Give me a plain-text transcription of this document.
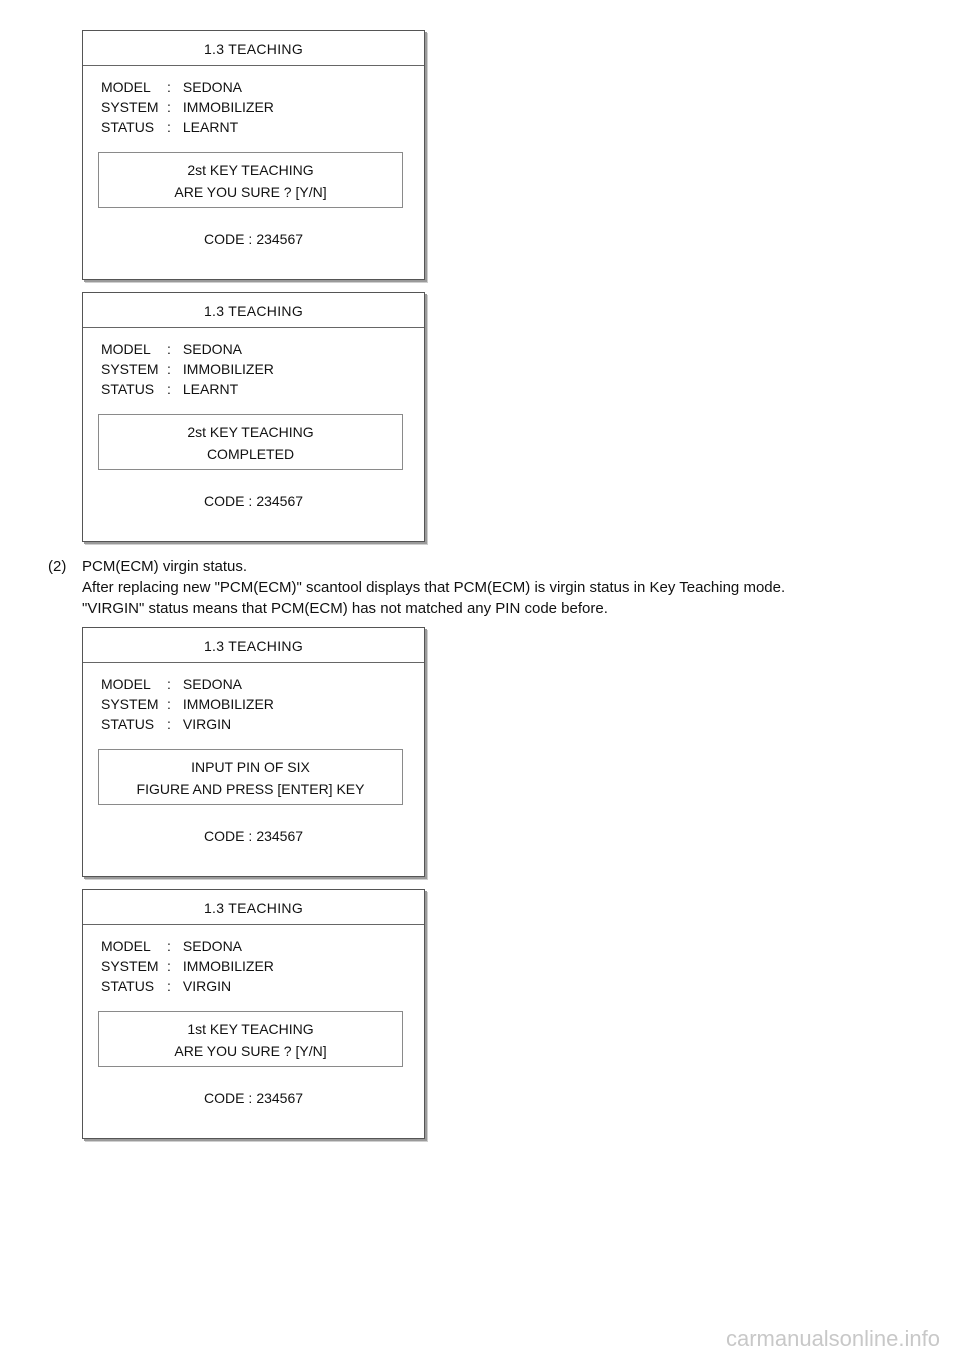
1.3 TEACHING
MODEL : SEDONA
SYSTEM : IMMOBILIZER
STATUS : LEARNT
2st KEY TEACHING
ARE YOU SURE ? [Y/N]
CODE : 234567
1.3 TEACHING
MODEL : SEDONA
SYSTEM : IMMOBILIZER
STATUS : LEARNT
2st KEY TEACHING
COMPLETED
CODE : 234567
(2) PCM(ECM) virgin status.
After replacing new "PCM(ECM)" scantool displays that PCM(ECM) is virgin status in Key Teaching mode.
"VIRGIN" status means that PCM(ECM) has not matched any PIN code before.
1.3 TEACHING
MODEL : SEDONA
SYSTEM : IMMOBILIZER
STATUS : VIRGIN
INPUT PIN OF SIX
FIGURE AND PRESS [ENTER] KEY
CODE : 234567
1.3 TEACHING
MODEL : SEDONA
SYSTEM : IMMOBILIZER
STATUS : VIRGIN
1st KEY TEACHING
ARE YOU SURE ? [Y/N]
CODE : 234567
carmanualsonline.info
